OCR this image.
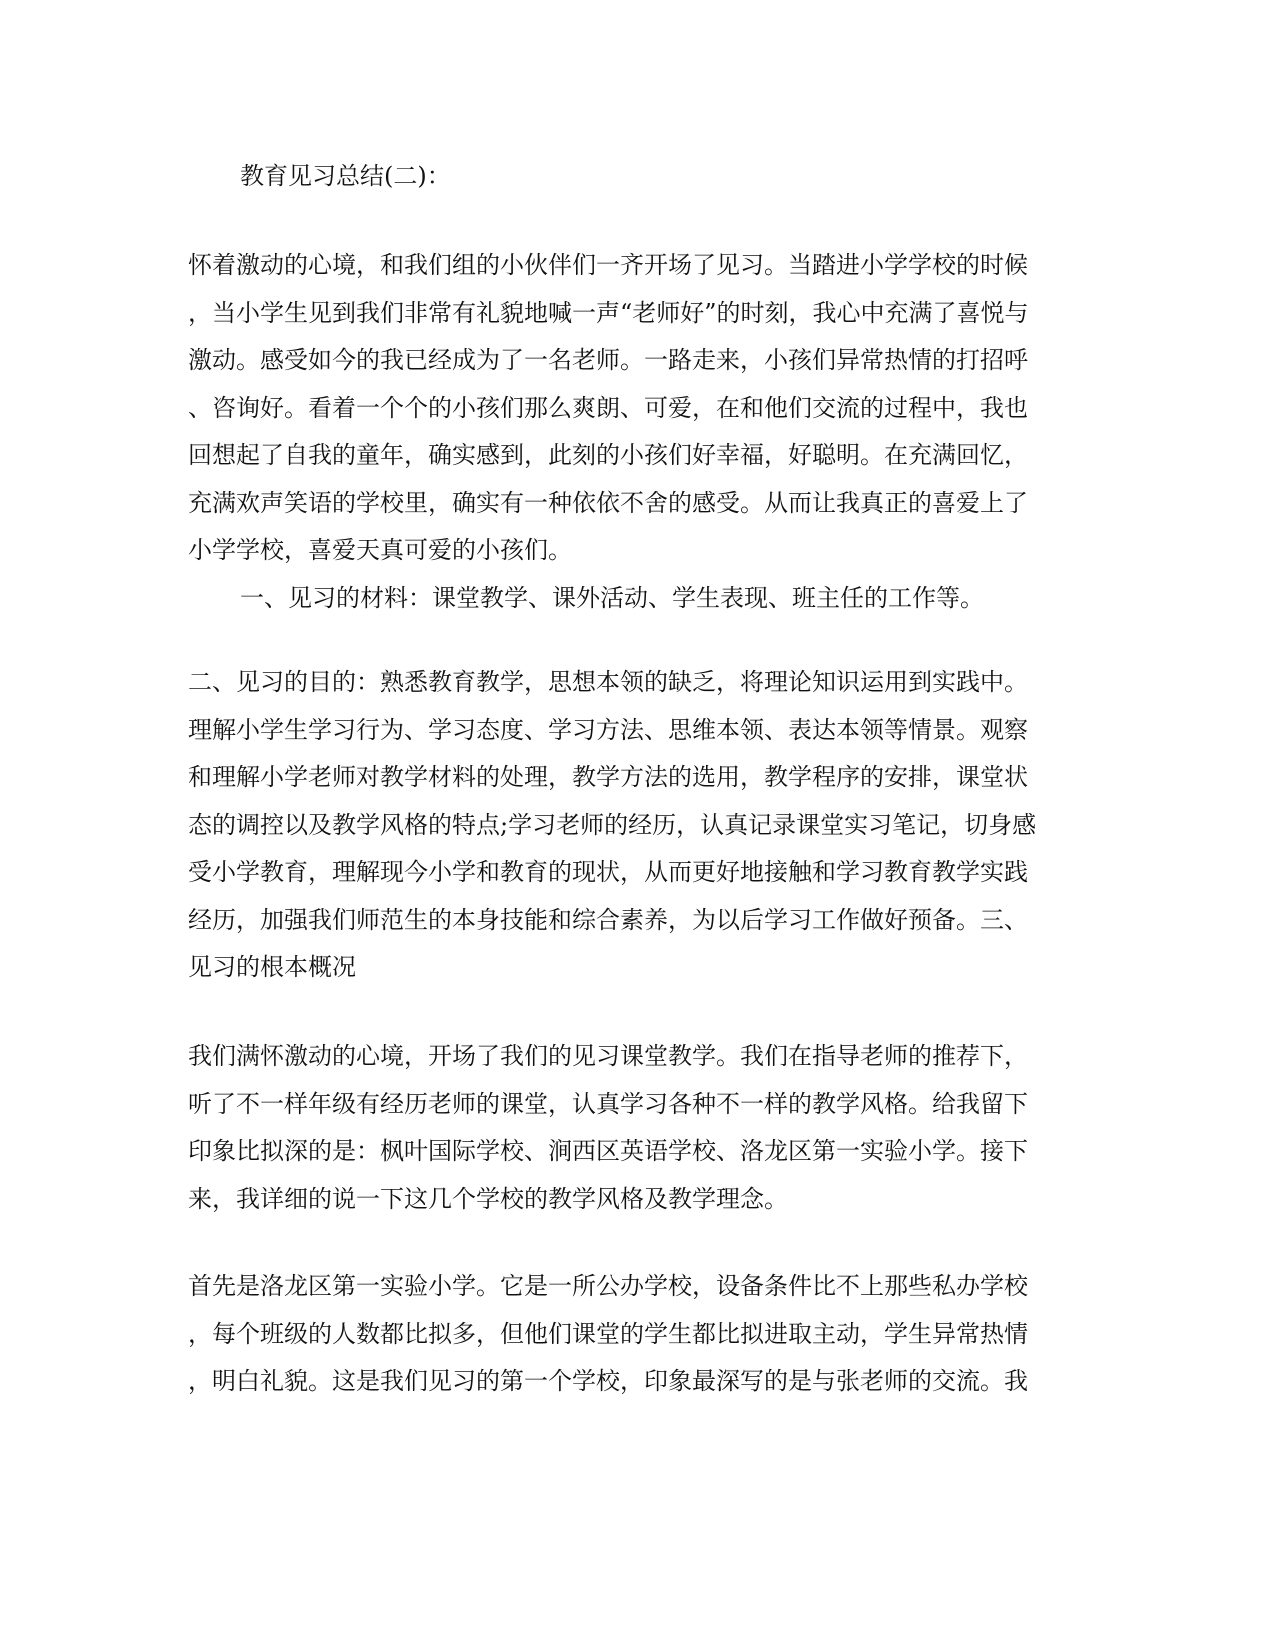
教育见习总结(二)：
怀着激动的心境，和我们组的小伙伴们一齐开场了见习。当踏进小学学校的时候
，当小学生见到我们非常有礼貌地喊一声“老师好”的时刻，我心中充满了喜悦与
激动。感受如今的我已经成为了一名老师。一路走来，小孩们异常热情的打招呼
、咨询好。看着一个个的小孩们那么爽朗、可爱，在和他们交流的过程中，我也
回想起了自我的童年，确实感到，此刻的小孩们好幸福，好聪明。在充满回忆，
充满欢声笑语的学校里，确实有一种依依不舍的感受。从而让我真正的喜爱上了
小学学校，喜爱天真可爱的小孩们。
一、见习的材料：课堂教学、课外活动、学生表现、班主任的工作等。
二、见习的目的：熟悉教育教学，思想本领的缺乏，将理论知识运用到实践中。
理解小学生学习行为、学习态度、学习方法、思维本领、表达本领等情景。观察
和理解小学老师对教学材料的处理，教学方法的选用，教学程序的安排，课堂状
态的调控以及教学风格的特点;学习老师的经历，认真记录课堂实习笔记，切身感
受小学教育，理解现今小学和教育的现状，从而更好地接触和学习教育教学实践
经历，加强我们师范生的本身技能和综合素养，为以后学习工作做好预备。三、
见习的根本概况
我们满怀激动的心境，开场了我们的见习课堂教学。我们在指导老师的推荐下，
听了不一样年级有经历老师的课堂，认真学习各种不一样的教学风格。给我留下
印象比拟深的是：枫叶国际学校、涧西区英语学校、洛龙区第一实验小学。接下
来，我详细的说一下这几个学校的教学风格及教学理念。
首先是洛龙区第一实验小学。它是一所公办学校，设备条件比不上那些私办学校
，每个班级的人数都比拟多，但他们课堂的学生都比拟进取主动，学生异常热情
，明白礼貌。这是我们见习的第一个学校，印象最深写的是与张老师的交流。我
